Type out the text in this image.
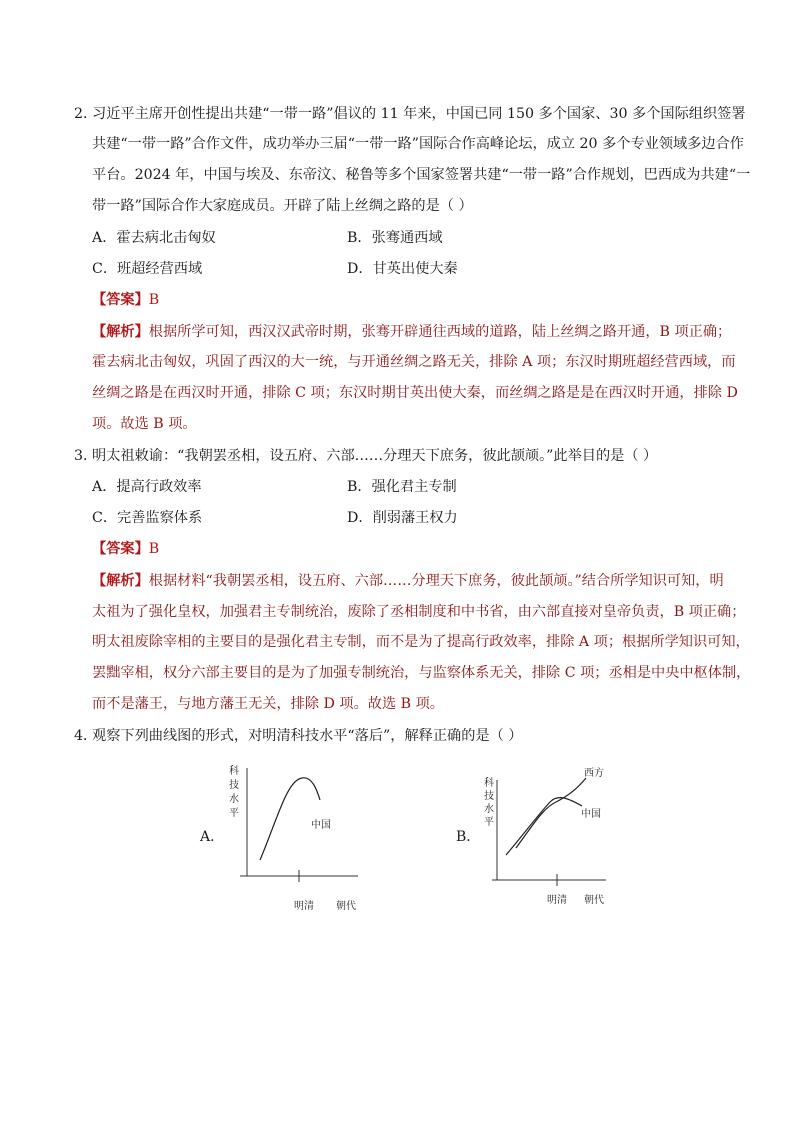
2．
习近平主席开创性提出共建“一带一路”倡议的 11 年来，中国已同 150 多个国家、30 多个国际组织签署
共建“一带一路”合作文件，成功举办三届“一带一路”国际合作高峰论坛，成立 20 多个专业领域多边合作
平台。2024 年，中国与埃及、东帝汶、秘鲁等多个国家签署共建“一带一路”合作规划，巴西成为共建“一
带一路”国际合作大家庭成员。开辟了陆上丝绸之路的是（ ）
A．霍去病北击匈奴	B．张骞通西域
C．班超经营西域	D．甘英出使大秦
【答案】B
【解析】根据所学可知，西汉汉武帝时期，张骞开辟通往西域的道路，陆上丝绸之路开通，B 项正确；
霍去病北击匈奴，巩固了西汉的大一统，与开通丝绸之路无关，排除 A 项；东汉时期班超经营西域，而
丝绸之路是在西汉时开通，排除 C 项；东汉时期甘英出使大秦，而丝绸之路是是在西汉时开通，排除 D
项。故选 B 项。
3．
明太祖敕谕：“我朝罢丞相，设五府、六部……分理天下庶务，彼此颉颃。”此举目的是（ ）
A．提高行政效率	B．强化君主专制
C．完善监察体系	D．削弱藩王权力
【答案】B
【解析】根据材料“我朝罢丞相，设五府、六部……分理天下庶务，彼此颉颃。”结合所学知识可知，明
太祖为了强化皇权，加强君主专制统治，废除了丞相制度和中书省，由六部直接对皇帝负责，B 项正确；
明太祖废除宰相的主要目的是强化君主专制，而不是为了提高行政效率，排除 A 项；根据所学知识可知，
罢黜宰相，权分六部主要目的是为了加强专制统治，与监察体系无关，排除 C 项；丞相是中央中枢体制，
而不是藩王，与地方藩王无关，排除 D 项。故选 B 项。
4．
观察下列曲线图的形式，对明清科技水平“落后”，解释正确的是（ ）
A．
科
技
水
平
中国
明清 朝代
B．
科
技
水
平
西方
中国
明清 朝代
